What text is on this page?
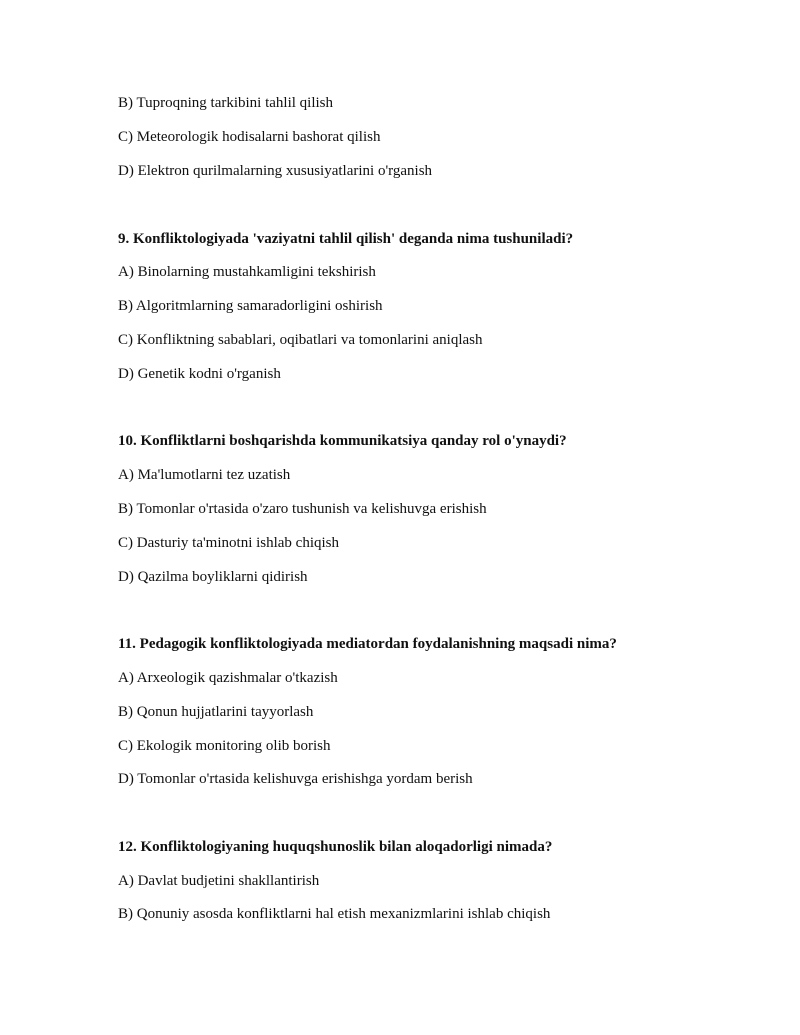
B) Tuproqning tarkibini tahlil qilish
C) Meteorologik hodisalarni bashorat qilish
D) Elektron qurilmalarning xususiyatlarini o'rganish
9. Konfliktologiyada 'vaziyatni tahlil qilish' deganda nima tushuniladi?
A) Binolarning mustahkamligini tekshirish
B) Algoritmlarning samaradorligini oshirish
C) Konfliktning sabablari, oqibatlari va tomonlarini aniqlash
D) Genetik kodni o'rganish
10. Konfliktlarni boshqarishda kommunikatsiya qanday rol o'ynaydi?
A) Ma'lumotlarni tez uzatish
B) Tomonlar o'rtasida o'zaro tushunish va kelishuvga erishish
C) Dasturiy ta'minotni ishlab chiqish
D) Qazilma boyliklarni qidirish
11. Pedagogik konfliktologiyada mediatordan foydalanishning maqsadi nima?
A) Arxeologik qazishmalar o'tkazish
B) Qonun hujjatlarini tayyorlash
C) Ekologik monitoring olib borish
D) Tomonlar o'rtasida kelishuvga erishishga yordam berish
12. Konfliktologiyaning huquqshunoslik bilan aloqadorligi nimada?
A) Davlat budjetini shakllantirish
B) Qonuniy asosda konfliktlarni hal etish mexanizmlarini ishlab chiqish
